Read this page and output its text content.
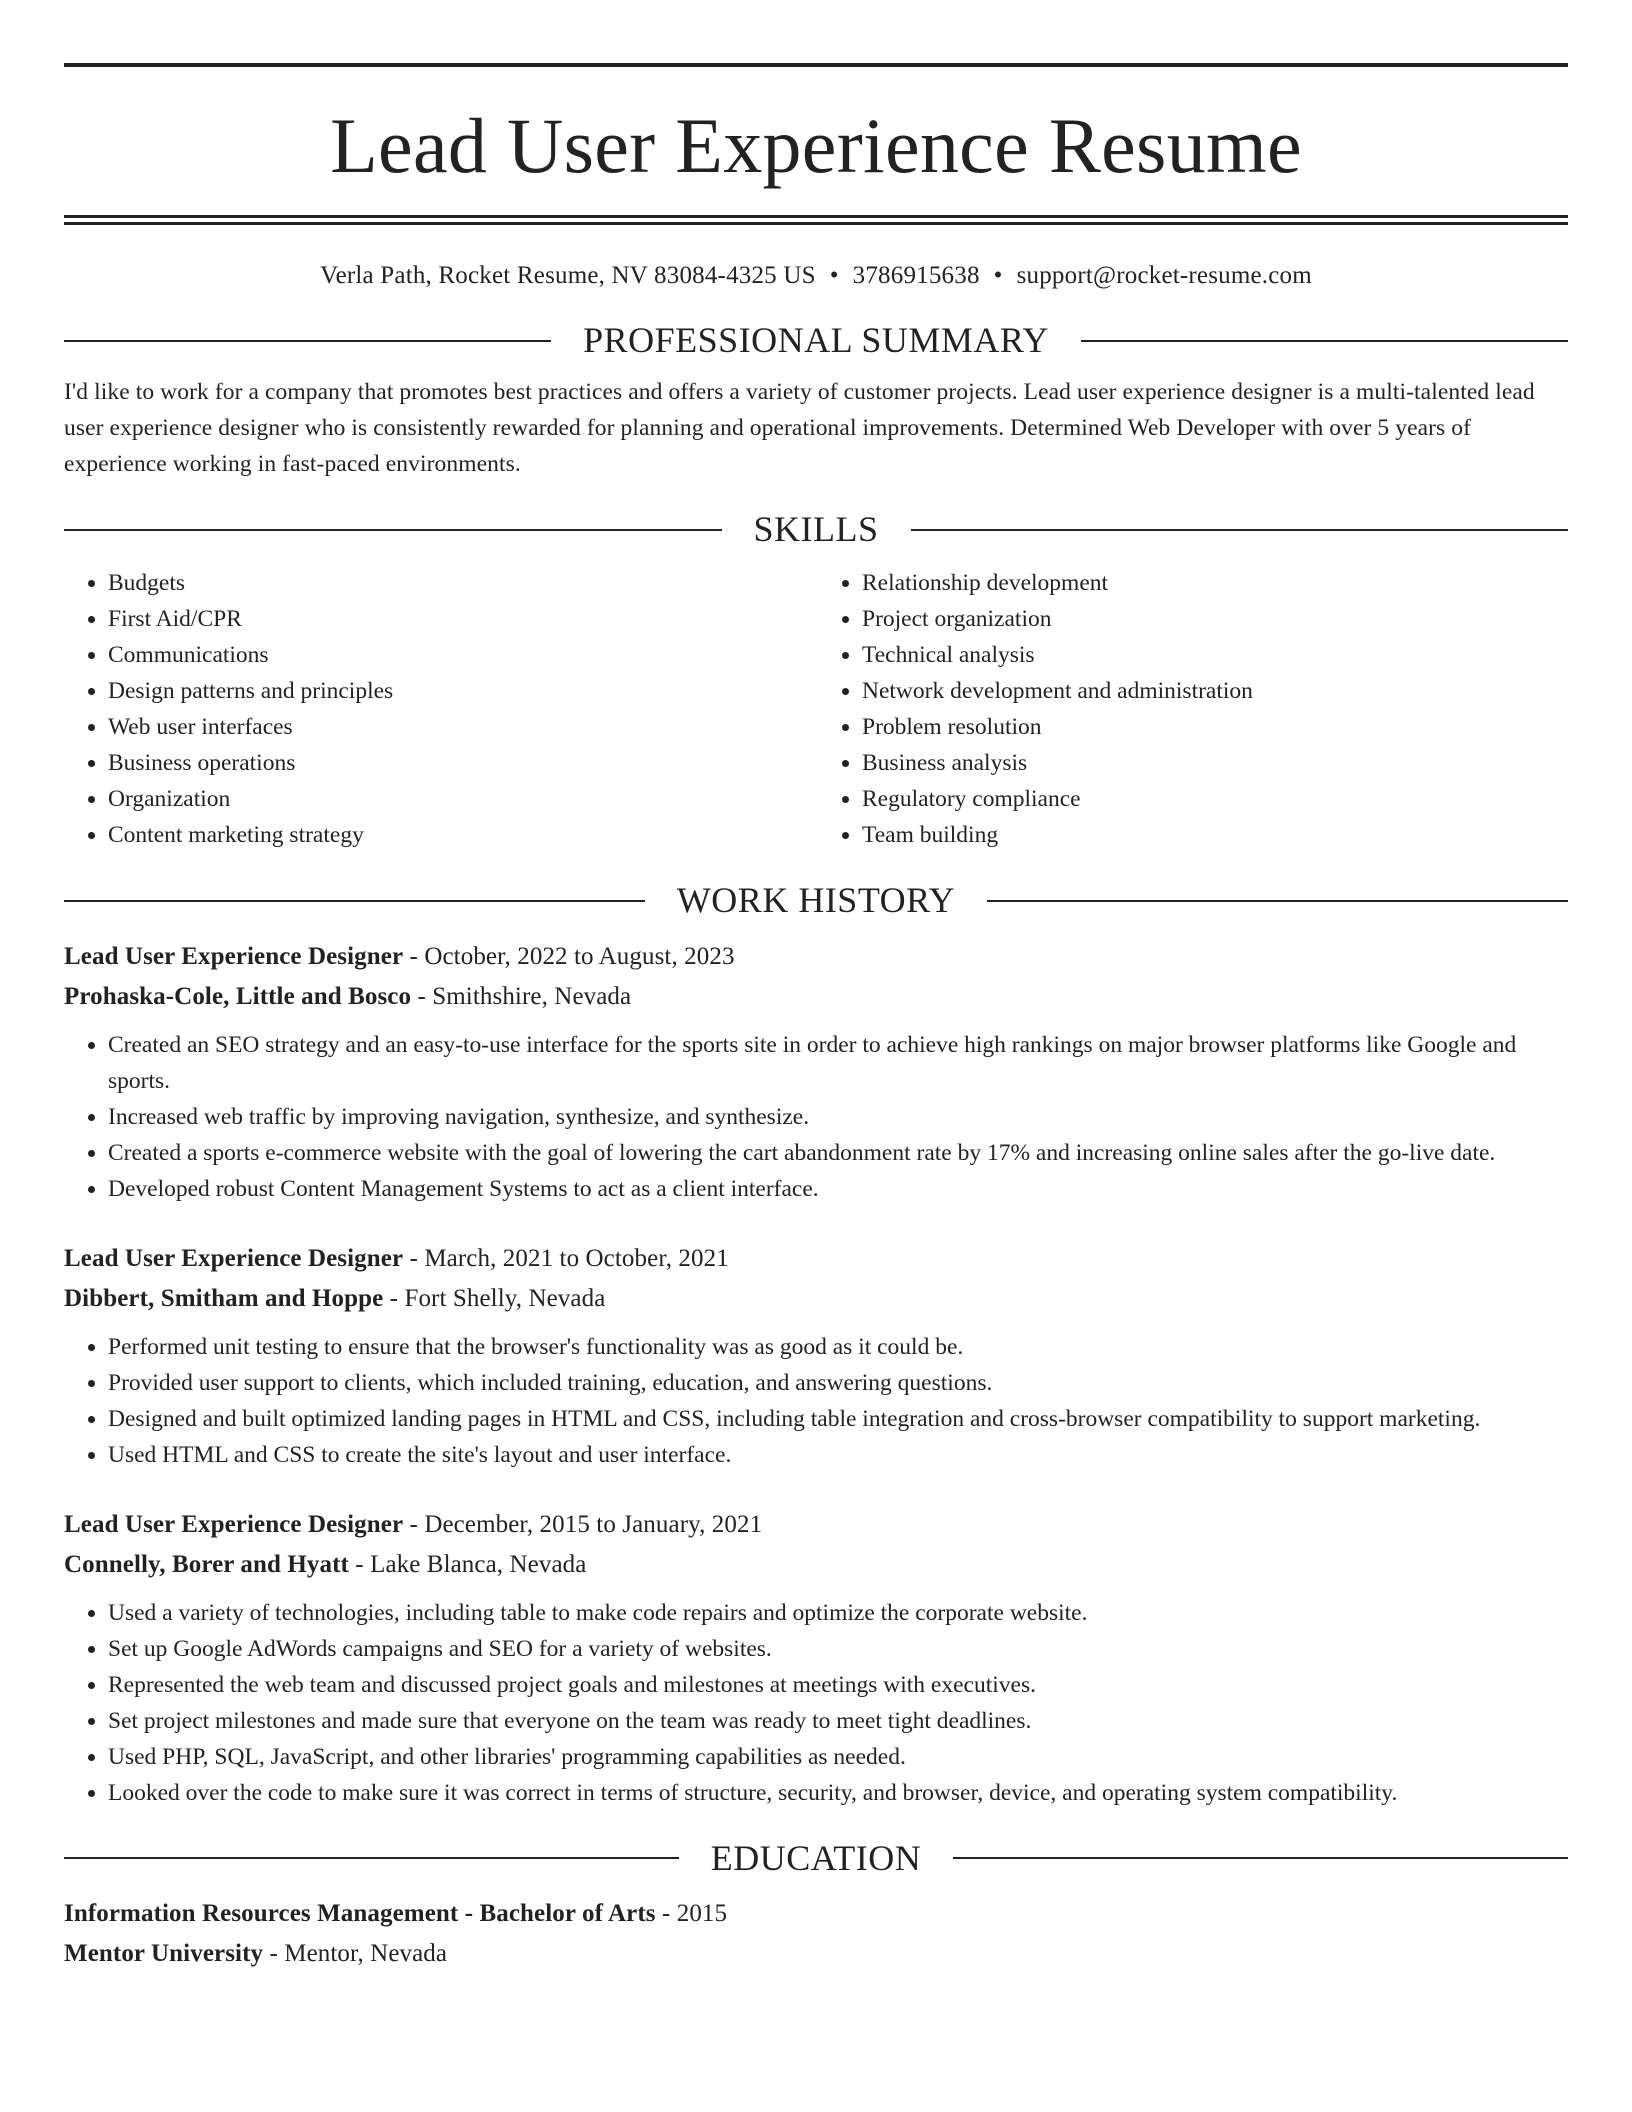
Lead User Experience Resume
Verla Path, Rocket Resume, NV 83084-4325 US • 3786915638 • support@rocket-resume.com
PROFESSIONAL SUMMARY

I'd like to work for a company that promotes best practices and offers a variety of customer projects. Lead user experience designer is a multi-talented lead user experience designer who is consistently rewarded for planning and operational improvements. Determined Web Developer with over 5 years of experience working in fast-paced environments.

SKILLS
• Budgets
• First Aid/CPR
• Communications
• Design patterns and principles
• Web user interfaces
• Business operations
• Organization
• Content marketing strategy
• Relationship development
• Project organization
• Technical analysis
• Network development and administration
• Problem resolution
• Business analysis
• Regulatory compliance
• Team building
WORK HISTORY
Lead User Experience Designer - October, 2022 to August, 2023
Prohaska-Cole, Little and Bosco - Smithshire, Nevada
• Created an SEO strategy and an easy-to-use interface for the sports site in order to achieve high rankings on major browser platforms like Google and sports.
• Increased web traffic by improving navigation, synthesize, and synthesize.
• Created a sports e-commerce website with the goal of lowering the cart abandonment rate by 17% and increasing online sales after the go-live date.
• Developed robust Content Management Systems to act as a client interface.
Lead User Experience Designer - March, 2021 to October, 2021
Dibbert, Smitham and Hoppe - Fort Shelly, Nevada
• Performed unit testing to ensure that the browser's functionality was as good as it could be.
• Provided user support to clients, which included training, education, and answering questions.
• Designed and built optimized landing pages in HTML and CSS, including table integration and cross-browser compatibility to support marketing.
• Used HTML and CSS to create the site's layout and user interface.
Lead User Experience Designer - December, 2015 to January, 2021
Connelly, Borer and Hyatt - Lake Blanca, Nevada
• Used a variety of technologies, including table to make code repairs and optimize the corporate website.
• Set up Google AdWords campaigns and SEO for a variety of websites.
• Represented the web team and discussed project goals and milestones at meetings with executives.
• Set project milestones and made sure that everyone on the team was ready to meet tight deadlines.
• Used PHP, SQL, JavaScript, and other libraries' programming capabilities as needed.
• Looked over the code to make sure it was correct in terms of structure, security, and browser, device, and operating system compatibility.
EDUCATION
Information Resources Management - Bachelor of Arts - 2015
Mentor University - Mentor, Nevada
